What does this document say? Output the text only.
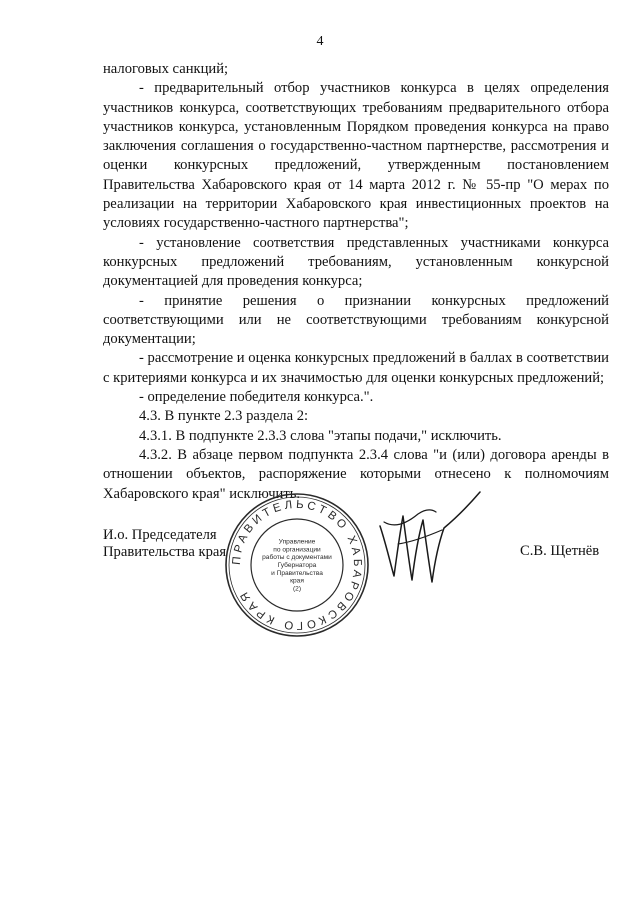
4

налоговых санкций;

- предварительный отбор участников конкурса в целях определения участников конкурса, соответствующих требованиям предварительного отбора участников конкурса, установленным Порядком проведения конкурса на право заключения соглашения о государственно-частном партнерстве, рассмотрения и оценки конкурсных предложений, утвержденным постановлением Правительства Хабаровского края от 14 марта 2012 г. № 55-пр "О мерах по реализации на территории Хабаровского края инвестиционных проектов на условиях государственно-частного партнерства";

- установление соответствия представленных участниками конкурса конкурсных предложений требованиям, установленным конкурсной документацией для проведения конкурса;

- принятие решения о признании конкурсных предложений соответствующими или не соответствующими требованиям конкурсной документации;

- рассмотрение и оценка конкурсных предложений в баллах в соответствии с критериями конкурса и их значимостью для оценки конкурсных предложений;

- определение победителя конкурса.".

4.3. В пункте 2.3 раздела 2:

4.3.1. В подпункте 2.3.3 слова "этапы подачи," исключить.

4.3.2. В абзаце первом подпункта 2.3.4 слова "и (или) договора аренды в отношении объектов, распоряжение которыми отнесено к полномочиям Хабаровского края" исключить.

И.о. Председателя
Правительства края ПРАВИТЕЛЬСТВО ХАБАРОВСКОГО КРАЯ
Управление
по организации
работы с документами
Губернатора
и Правительства
края
(2)
С.В. Щетнёв
